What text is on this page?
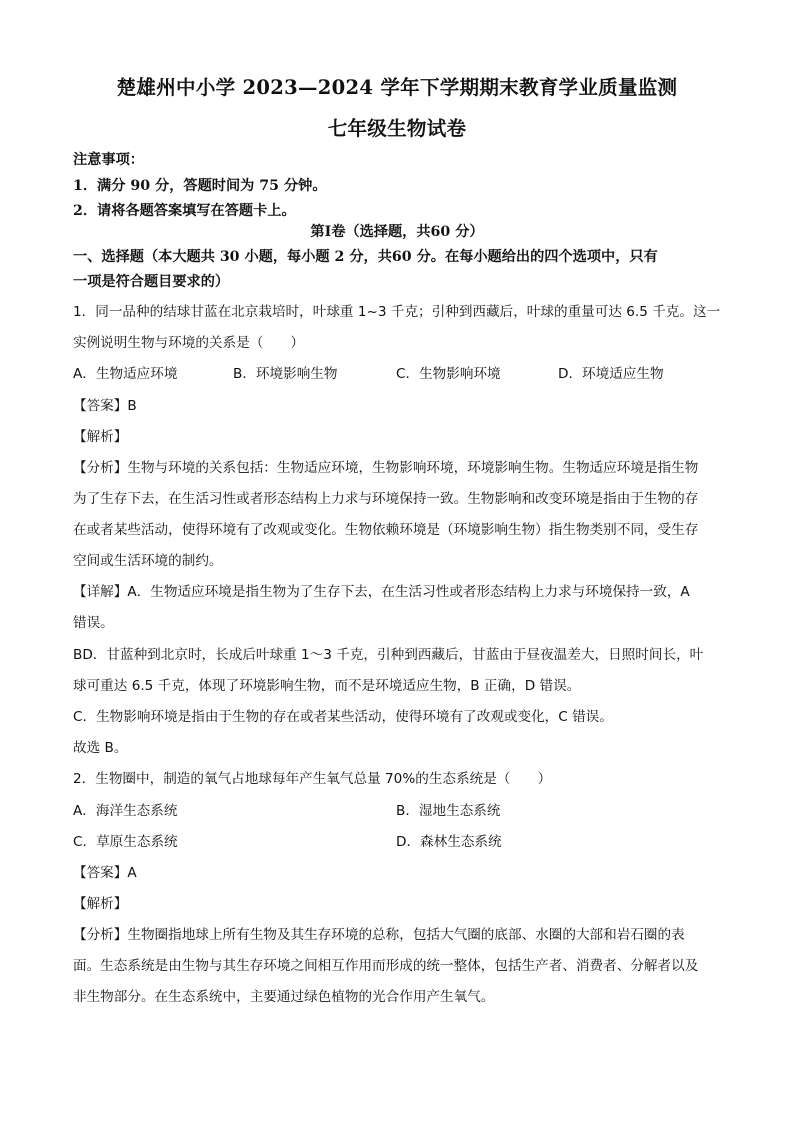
楚雄州中小学 2023—2024 学年下学期期末教育学业质量监测
七年级生物试卷
注意事项：
1．满分 90 分，答题时间为 75 分钟。
2．请将各题答案填写在答题卡上。
第Ⅰ卷（选择题，共60 分）
一、选择题（本大题共 30 小题，每小题 2 分，共60 分。在每小题给出的四个选项中，只有
一项是符合题目要求的）
1．同一品种的结球甘蓝在北京栽培时，叶球重 1~3 千克；引种到西藏后，叶球的重量可达 6.5 千克。这一
实例说明生物与环境的关系是（　　）
A．生物适应环境	B．环境影响生物	C．生物影响环境	D．环境适应生物
【答案】B
【解析】
【分析】生物与环境的关系包括：生物适应环境，生物影响环境，环境影响生物。生物适应环境是指生物
为了生存下去，在生活习性或者形态结构上力求与环境保持一致。生物影响和改变环境是指由于生物的存
在或者某些活动，使得环境有了改观或变化。生物依赖环境是（环境影响生物）指生物类别不同，受生存
空间或生活环境的制约。
【详解】A．生物适应环境是指生物为了生存下去，在生活习性或者形态结构上力求与环境保持一致，A
错误。
BD．甘蓝种到北京时，长成后叶球重 1～3 千克，引种到西藏后，甘蓝由于昼夜温差大，日照时间长，叶
球可重达 6.5 千克，体现了环境影响生物，而不是环境适应生物，B 正确，D 错误。
C．生物影响环境是指由于生物的存在或者某些活动，使得环境有了改观或变化，C 错误。
故选 B。
2．生物圈中，制造的氧气占地球每年产生氧气总量 70%的生态系统是（　　）
A．海洋生态系统	B．湿地生态系统
C．草原生态系统	D．森林生态系统
【答案】A
【解析】
【分析】生物圈指地球上所有生物及其生存环境的总称，包括大气圈的底部、水圈的大部和岩石圈的表
面。生态系统是由生物与其生存环境之间相互作用而形成的统一整体，包括生产者、消费者、分解者以及
非生物部分。在生态系统中，主要通过绿色植物的光合作用产生氧气。
